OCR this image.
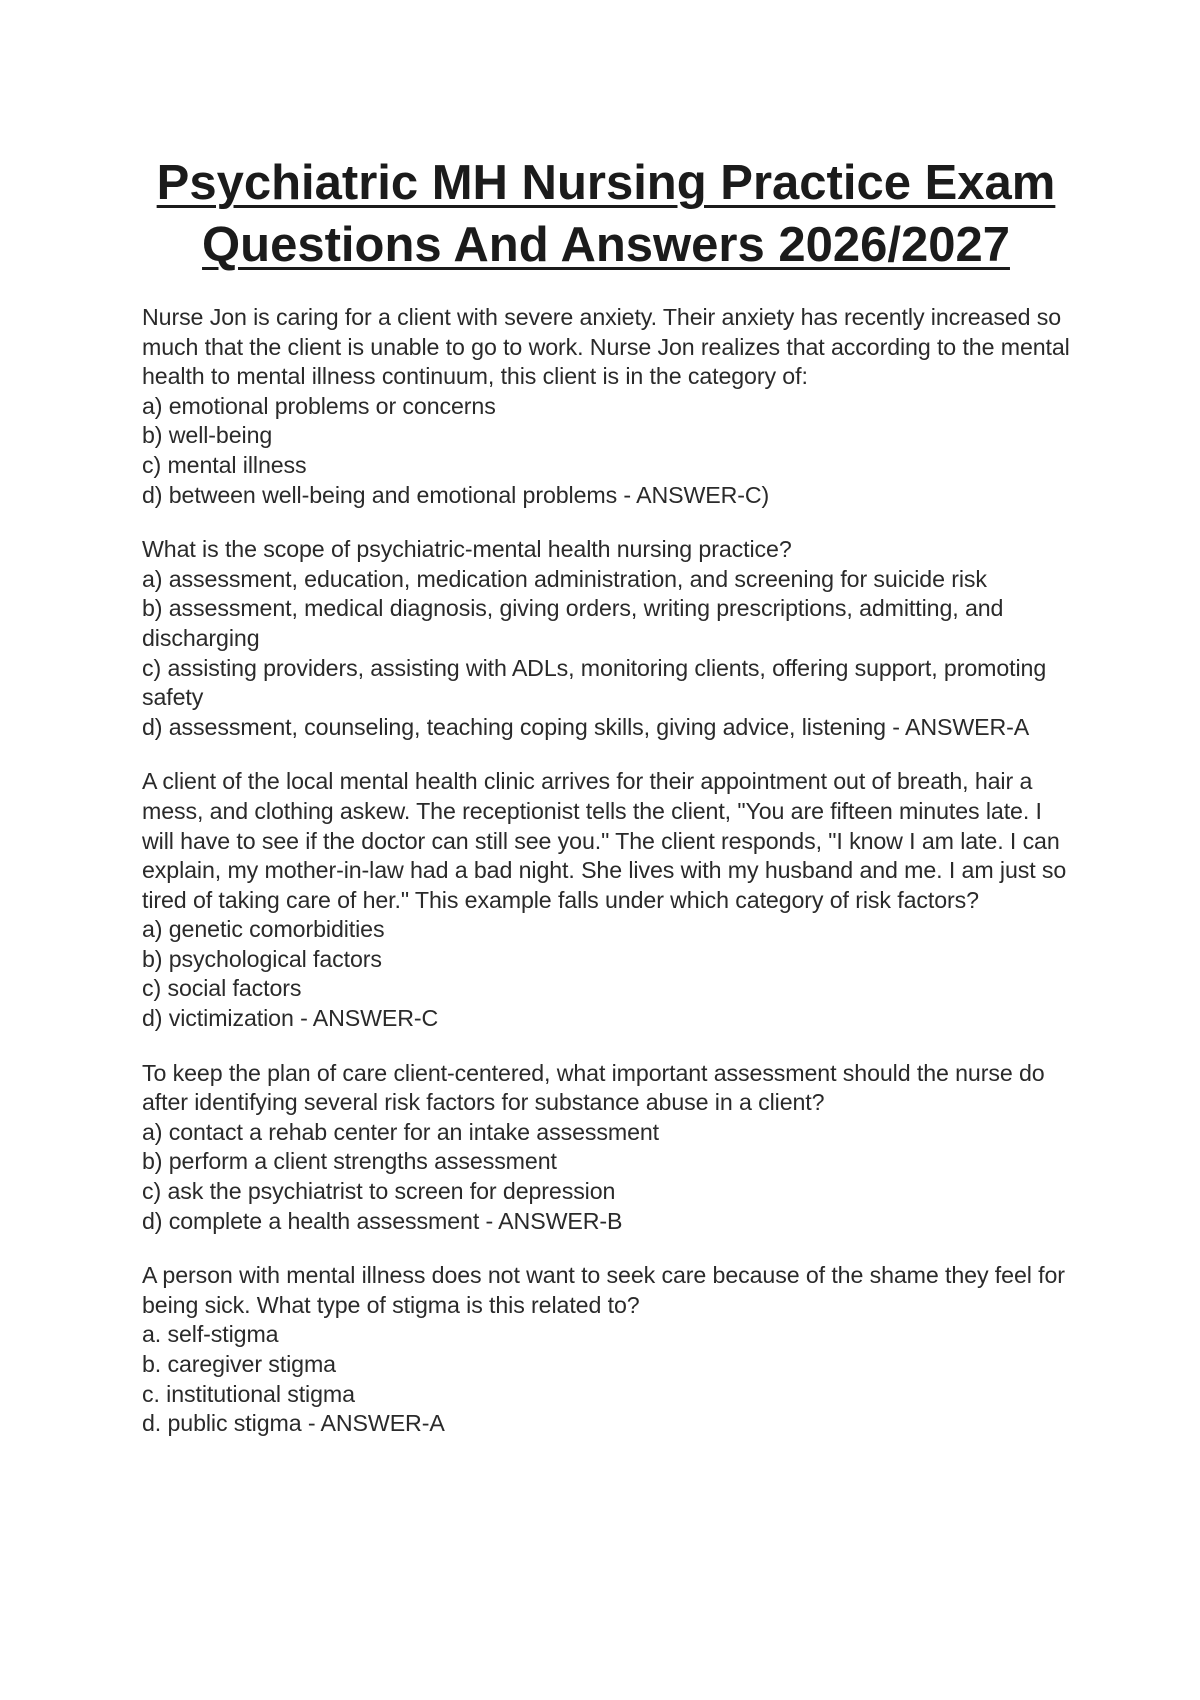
Psychiatric MH Nursing Practice Exam
Questions And Answers 2026/2027
Nurse Jon is caring for a client with severe anxiety. Their anxiety has recently increased so much that the client is unable to go to work. Nurse Jon realizes that according to the mental health to mental illness continuum, this client is in the category of:
a) emotional problems or concerns
b) well-being
c) mental illness
d) between well-being and emotional problems - ANSWER-C)
What is the scope of psychiatric-mental health nursing practice?
a) assessment, education, medication administration, and screening for suicide risk
b) assessment, medical diagnosis, giving orders, writing prescriptions, admitting, and discharging
c) assisting providers, assisting with ADLs, monitoring clients, offering support, promoting safety
d) assessment, counseling, teaching coping skills, giving advice, listening - ANSWER-A
A client of the local mental health clinic arrives for their appointment out of breath, hair a mess, and clothing askew. The receptionist tells the client, "You are fifteen minutes late. I will have to see if the doctor can still see you." The client responds, "I know I am late. I can explain, my mother-in-law had a bad night. She lives with my husband and me. I am just so tired of taking care of her." This example falls under which category of risk factors?
a) genetic comorbidities
b) psychological factors
c) social factors
d) victimization - ANSWER-C
To keep the plan of care client-centered, what important assessment should the nurse do after identifying several risk factors for substance abuse in a client?
a) contact a rehab center for an intake assessment
b) perform a client strengths assessment
c) ask the psychiatrist to screen for depression
d) complete a health assessment - ANSWER-B
A person with mental illness does not want to seek care because of the shame they feel for being sick. What type of stigma is this related to?
a. self-stigma
b. caregiver stigma
c. institutional stigma
d. public stigma - ANSWER-A
